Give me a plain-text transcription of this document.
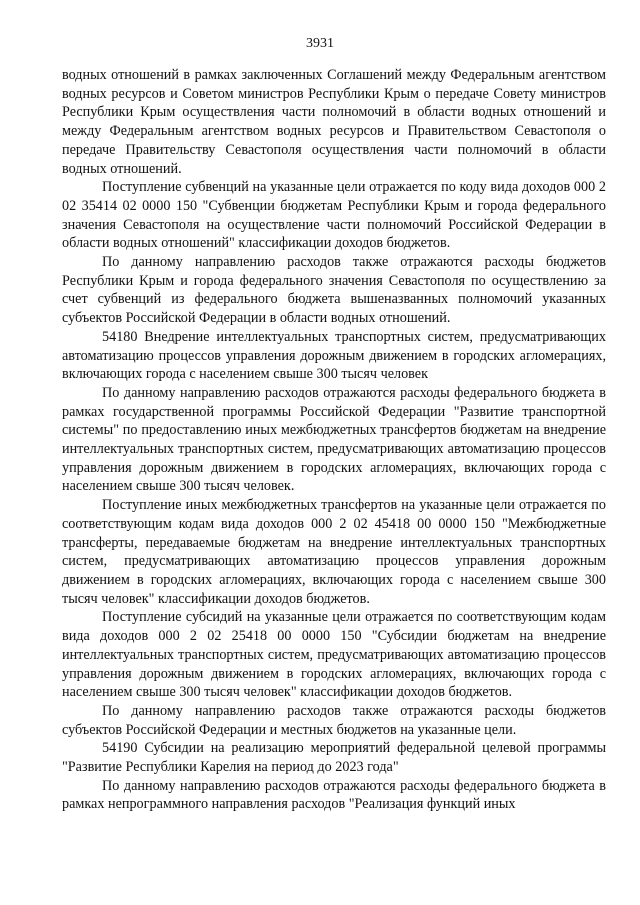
3931

водных отношений в рамках заключенных Соглашений между Федеральным агентством водных ресурсов и Советом министров Республики Крым о передаче Совету министров Республики Крым осуществления части полномочий в области водных отношений и между Федеральным агентством водных ресурсов и Правительством Севастополя о передаче Правительству Севастополя осуществления части полномочий в области водных отношений.

Поступление субвенций на указанные цели отражается по коду вида доходов 000 2 02 35414 02 0000 150 "Субвенции бюджетам Республики Крым и города федерального значения Севастополя на осуществление части полномочий Российской Федерации в области водных отношений" классификации доходов бюджетов.

По данному направлению расходов также отражаются расходы бюджетов Республики Крым и города федерального значения Севастополя по осуществлению за счет субвенций из федерального бюджета вышеназванных полномочий указанных субъектов Российской Федерации в области водных отношений.

54180 Внедрение интеллектуальных транспортных систем, предусматривающих автоматизацию процессов управления дорожным движением в городских агломерациях, включающих города с населением свыше 300 тысяч человек

По данному направлению расходов отражаются расходы федерального бюджета в рамках государственной программы Российской Федерации "Развитие транспортной системы" по предоставлению иных межбюджетных трансфертов бюджетам на внедрение интеллектуальных транспортных систем, предусматривающих автоматизацию процессов управления дорожным движением в городских агломерациях, включающих города с населением свыше 300 тысяч человек.

Поступление иных межбюджетных трансфертов на указанные цели отражается по соответствующим кодам вида доходов 000 2 02 45418 00 0000 150 "Межбюджетные трансферты, передаваемые бюджетам на внедрение интеллектуальных транспортных систем, предусматривающих автоматизацию процессов управления дорожным движением в городских агломерациях, включающих города с населением свыше 300 тысяч человек" классификации доходов бюджетов.

Поступление субсидий на указанные цели отражается по соответствующим кодам вида доходов 000 2 02 25418 00 0000 150 "Субсидии бюджетам на внедрение интеллектуальных транспортных систем, предусматривающих автоматизацию процессов управления дорожным движением в городских агломерациях, включающих города с населением свыше 300 тысяч человек" классификации доходов бюджетов.

По данному направлению расходов также отражаются расходы бюджетов субъектов Российской Федерации и местных бюджетов на указанные цели.

54190 Субсидии на реализацию мероприятий федеральной целевой программы "Развитие Республики Карелия на период до 2023 года"

По данному направлению расходов отражаются расходы федерального бюджета в рамках непрограммного направления расходов "Реализация функций иных
